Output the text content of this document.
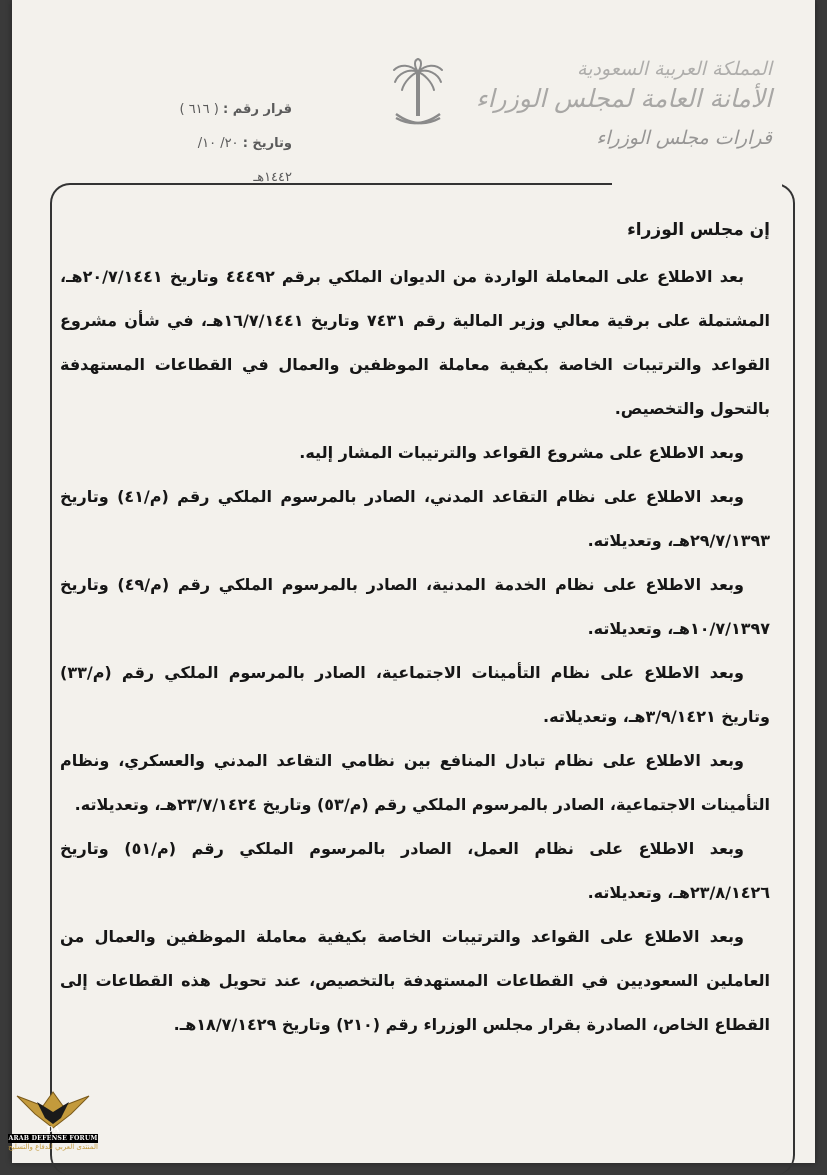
قرار رقم : ( ٦١٦ )
وتاريخ : ٢٠/ ١٠/ ١٤٤٢هـ
المملكة العربية السعودية
الأمانة العامة لمجلس الوزراء
قرارات مجلس الوزراء
إن مجلس الوزراء

بعد الاطلاع على المعاملة الواردة من الديوان الملكي برقم ٤٤٤٩٢ وتاريخ ٢٠/٧/١٤٤١هـ، المشتملة على برقية معالي وزير المالية رقم ٧٤٣١ وتاريخ ١٦/٧/١٤٤١هـ، في شأن مشروع القواعد والترتيبات الخاصة بكيفية معاملة الموظفين والعمال في القطاعات المستهدفة بالتحول والتخصيص.

وبعد الاطلاع على مشروع القواعد والترتيبات المشار إليه.

وبعد الاطلاع على نظام التقاعد المدني، الصادر بالمرسوم الملكي رقم (م/٤١) وتاريخ ٢٩/٧/١٣٩٣هـ، وتعديلاته.

وبعد الاطلاع على نظام الخدمة المدنية، الصادر بالمرسوم الملكي رقم (م/٤٩) وتاريخ ١٠/٧/١٣٩٧هـ، وتعديلاته.

وبعد الاطلاع على نظام التأمينات الاجتماعية، الصادر بالمرسوم الملكي رقم (م/٣٣) وتاريخ ٣/٩/١٤٢١هـ، وتعديلاته.

وبعد الاطلاع على نظام تبادل المنافع بين نظامي التقاعد المدني والعسكري، ونظام التأمينات الاجتماعية، الصادر بالمرسوم الملكي رقم (م/٥٣) وتاريخ ٢٣/٧/١٤٢٤هـ، وتعديلاته.

وبعد الاطلاع على نظام العمل، الصادر بالمرسوم الملكي رقم (م/٥١) وتاريخ ٢٣/٨/١٤٢٦هـ، وتعديلاته.

وبعد الاطلاع على القواعد والترتيبات الخاصة بكيفية معاملة الموظفين والعمال من العاملين السعوديين في القطاعات المستهدفة بالتخصيص، عند تحويل هذه القطاعات إلى القطاع الخاص، الصادرة بقرار مجلس الوزراء رقم (٢١٠) وتاريخ ١٨/٧/١٤٢٩هـ.

DA
ARAB DEFENSE FORUM
المنتدى العربي للدفاع والتسليح
